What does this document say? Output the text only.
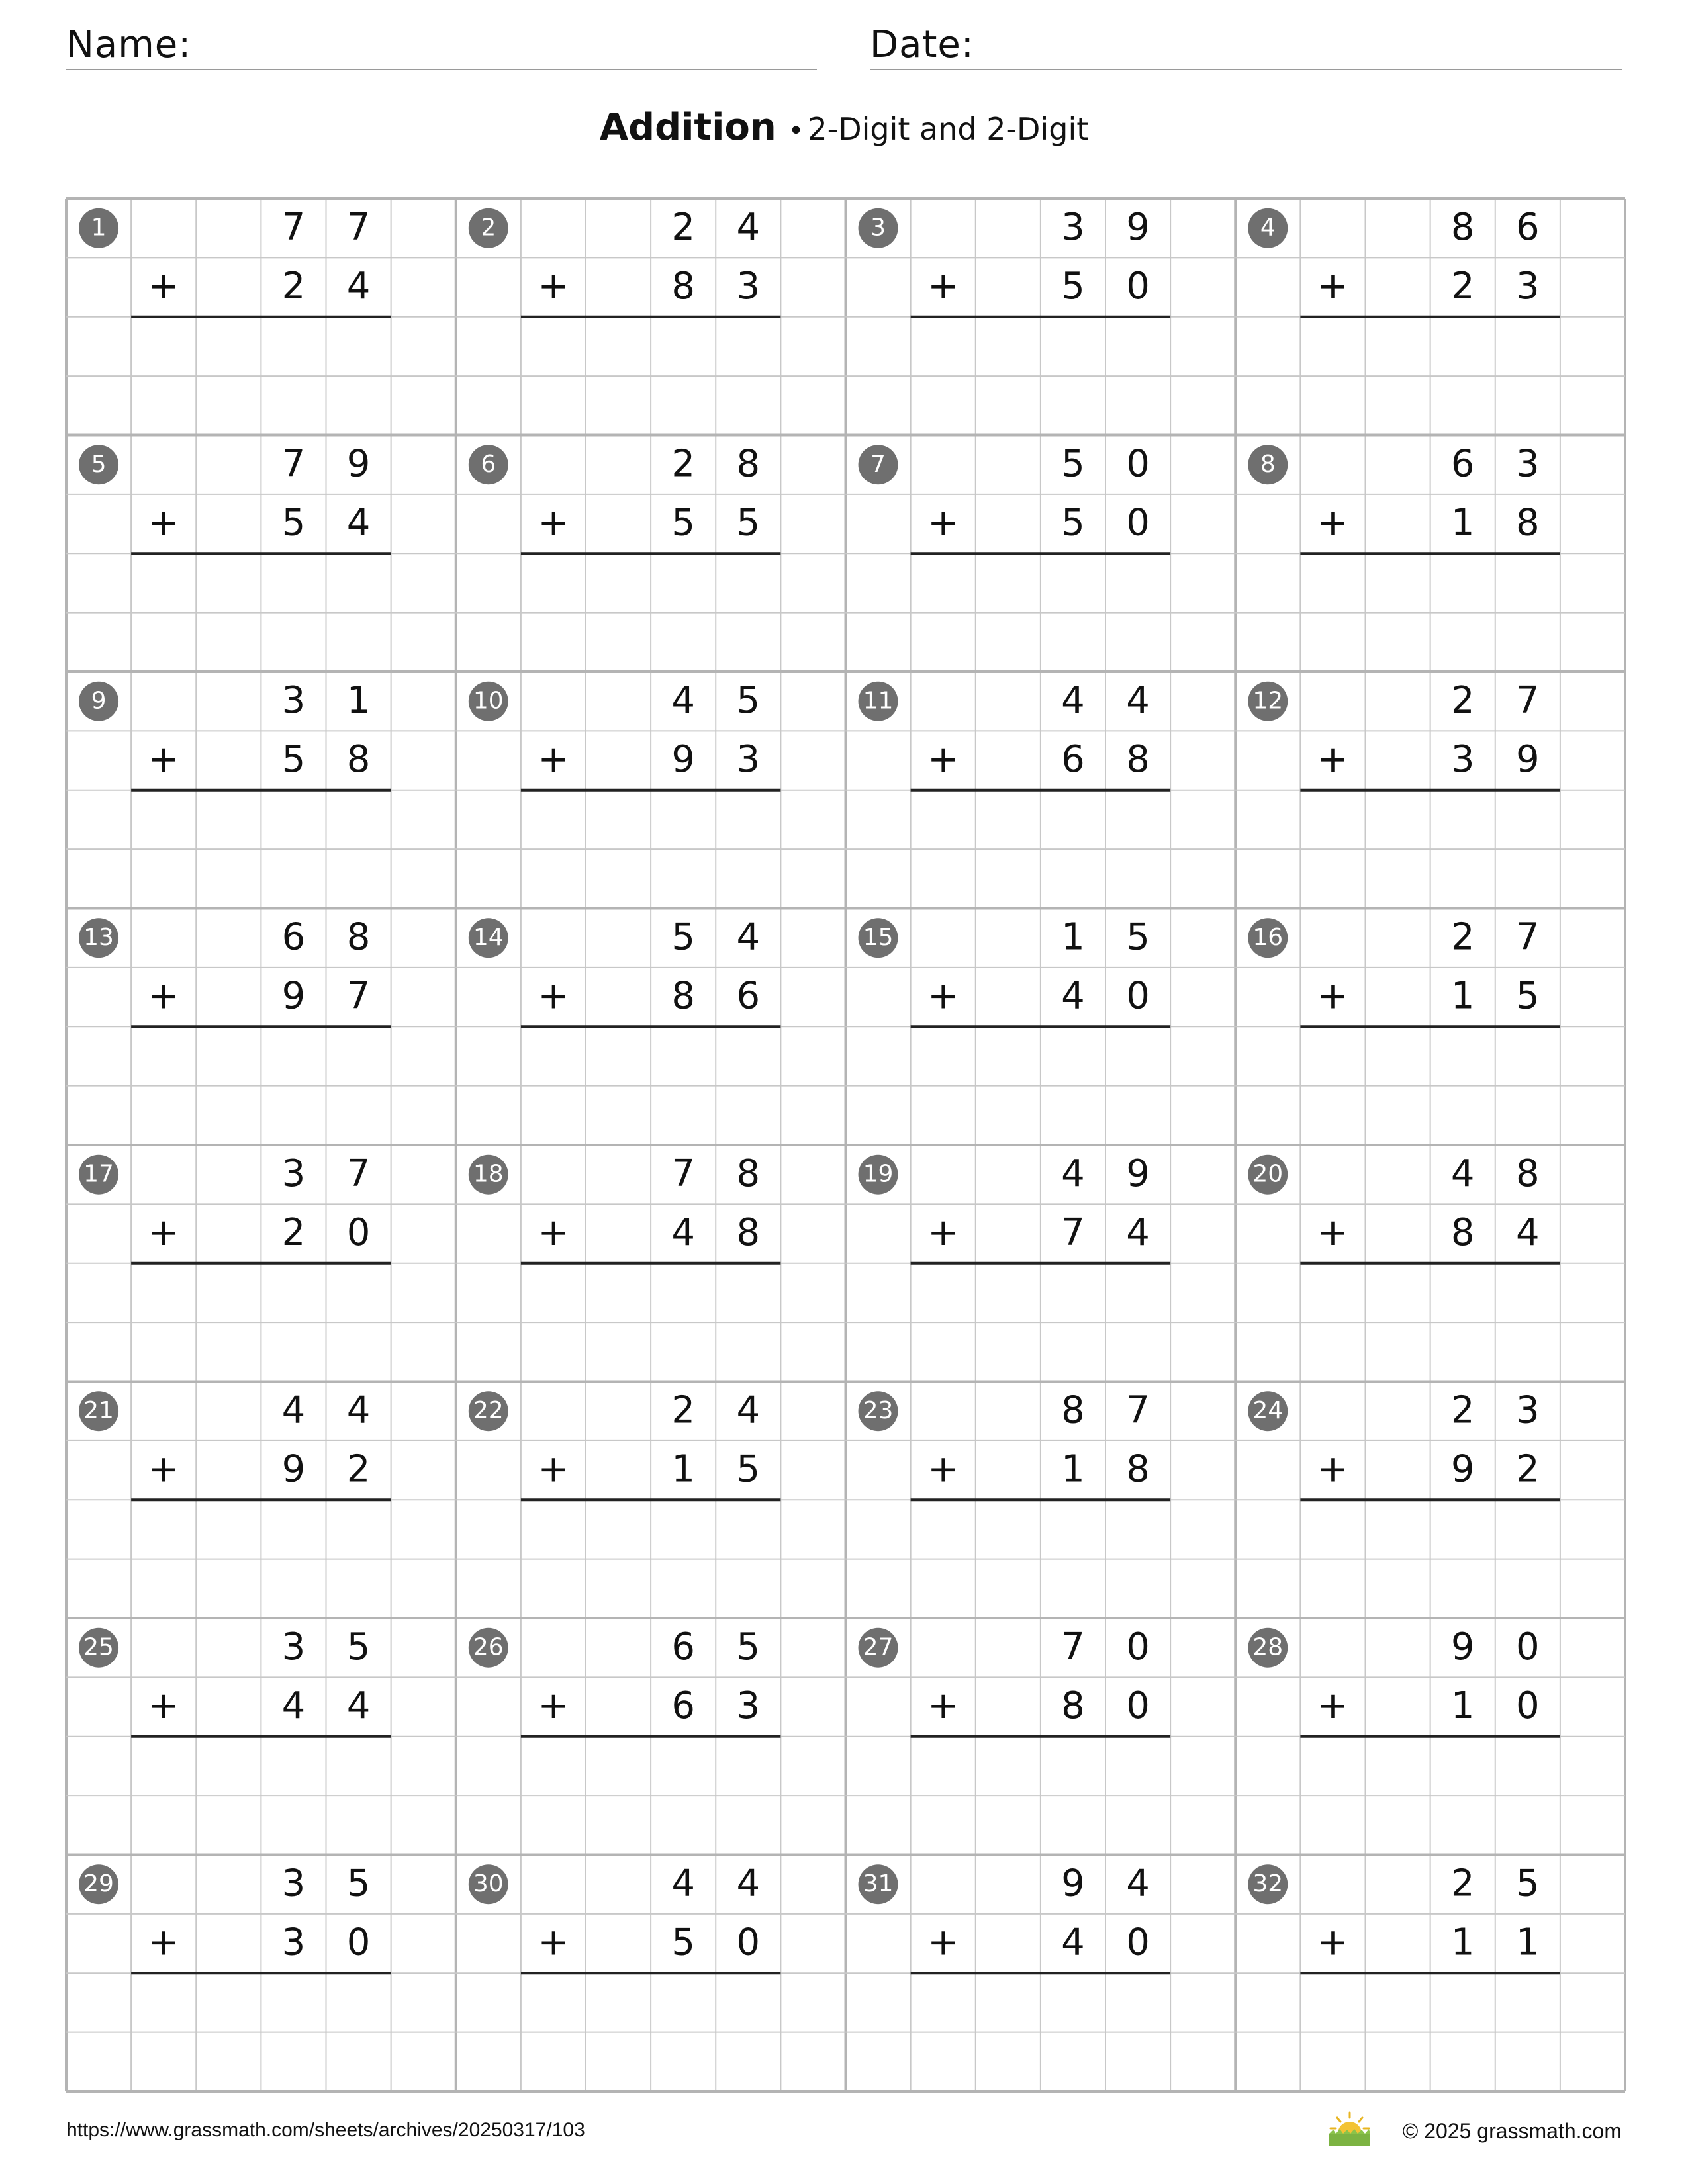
Name:	Date:
Addition • 2-Digit and 2-Digit
1	7 7
2 4
+
2	2 4
8 3
+
3	3 9
5 0
+
4	8 6
2 3
+
5	7 9
5 4
+
6	2 8
5 5
+
7	5 0
5 0
+
8	6 3
1 8
+
9	3 1
5 8
+
10	4 5
9 3
+
11	4 4
6 8
+
12	2 7
3 9
+
13	6 8
9 7
+
14	5 4
8 6
+
15	1 5
4 0
+
16	2 7
1 5
+
17	3 7
2 0
+
18	7 8
4 8
+
19	4 9
7 4
+
20	4 8
8 4
+
21	4 4
9 2
+
22	2 4
1 5
+
23	8 7
1 8
+
24	2 3
9 2
+
25	3 5
4 4
+
26	6 5
6 3
+
27	7 0
8 0
+
28	9 0
1 0
+
29	3 5
3 0
+
30	4 4
5 0
+
31	9 4
4 0
+
32	2 5
1 1
+
https://www.grassmath.com/sheets/archives/20250317/103	© 2025 grassmath.com
